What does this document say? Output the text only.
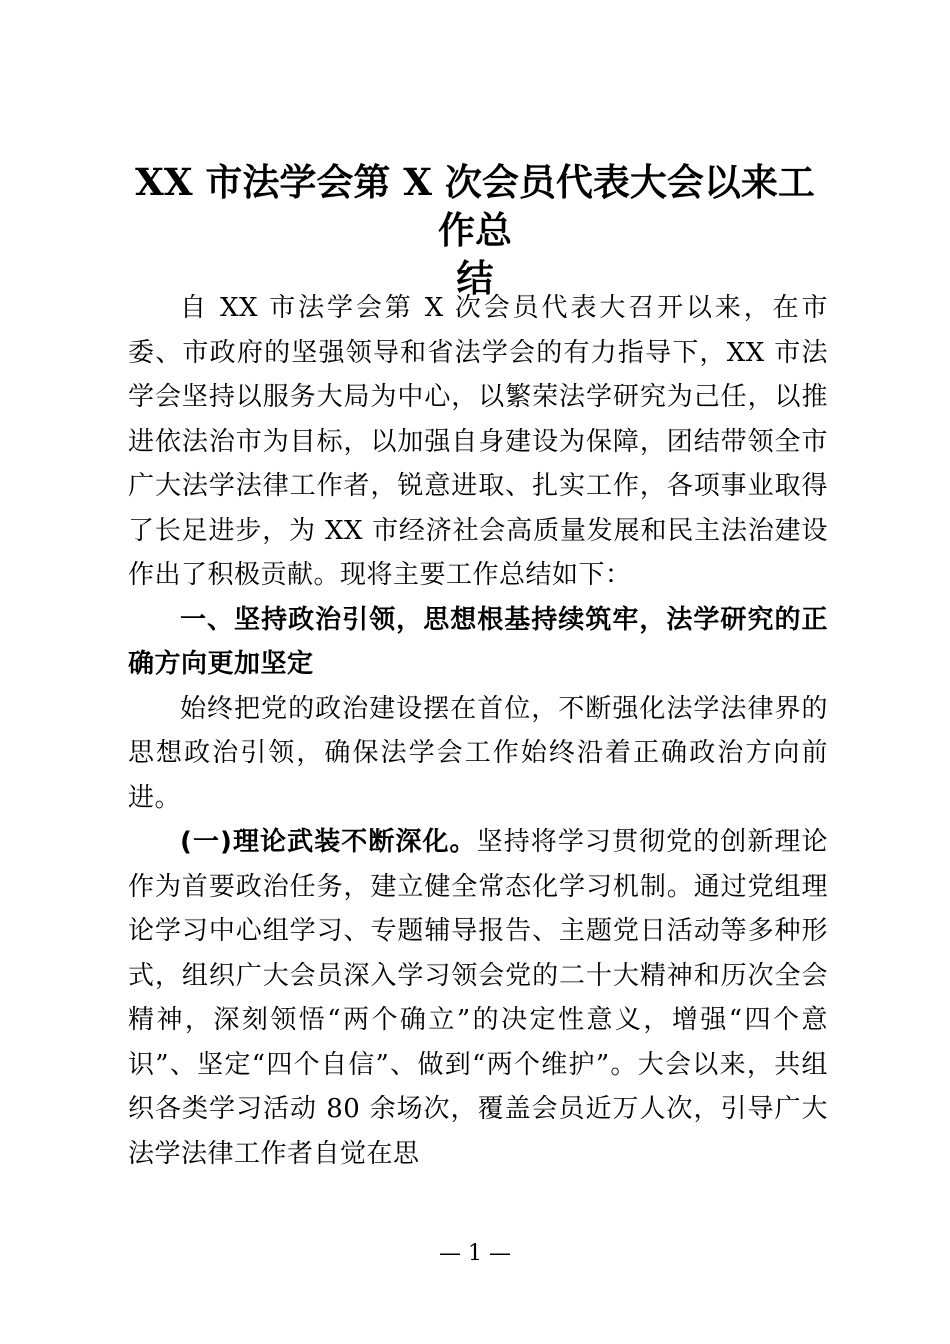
XX 市法学会第 X 次会员代表大会以来工作总
结

自 XX 市法学会第 X 次会员代表大召开以来，在市委、市政府的坚强领导和省法学会的有力指导下，XX 市法学会坚持以服务大局为中心，以繁荣法学研究为己任，以推进依法治市为目标，以加强自身建设为保障，团结带领全市广大法学法律工作者，锐意进取、扎实工作，各项事业取得了长足进步，为 XX 市经济社会高质量发展和民主法治建设作出了积极贡献。现将主要工作总结如下：

一、坚持政治引领，思想根基持续筑牢，法学研究的正确方向更加坚定

始终把党的政治建设摆在首位，不断强化法学法律界的思想政治引领，确保法学会工作始终沿着正确政治方向前进。

(一)理论武装不断深化。坚持将学习贯彻党的创新理论作为首要政治任务，建立健全常态化学习机制。通过党组理论学习中心组学习、专题辅导报告、主题党日活动等多种形式，组织广大会员深入学习领会党的二十大精神和历次全会精神，深刻领悟“两个确立”的决定性意义，增强“四个意识”、坚定“四个自信”、做到“两个维护”。大会以来，共组织各类学习活动 80 余场次，覆盖会员近万人次，引导广大法学法律工作者自觉在思

— 1 —
